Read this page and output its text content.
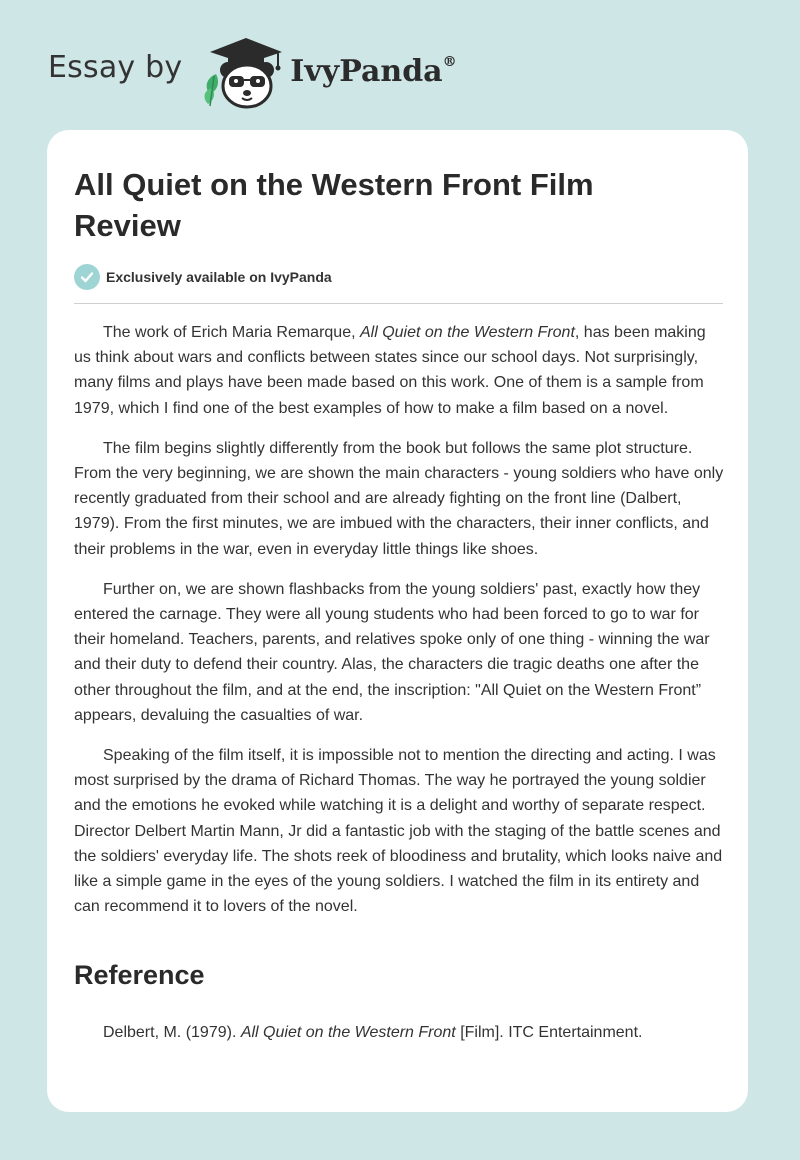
Essay by	IvyPanda®
All Quiet on the Western Front Film Review
Exclusively available on IvyPanda

The work of Erich Maria Remarque, All Quiet on the Western Front, has been making us think about wars and conflicts between states since our school days. Not surprisingly, many films and plays have been made based on this work. One of them is a sample from 1979, which I find one of the best examples of how to make a film based on a novel.

The film begins slightly differently from the book but follows the same plot structure. From the very beginning, we are shown the main characters - young soldiers who have only recently graduated from their school and are already fighting on the front line (Dalbert, 1979). From the first minutes, we are imbued with the characters, their inner conflicts, and their problems in the war, even in everyday little things like shoes.

Further on, we are shown flashbacks from the young soldiers' past, exactly how they entered the carnage. They were all young students who had been forced to go to war for their homeland. Teachers, parents, and relatives spoke only of one thing - winning the war and their duty to defend their country. Alas, the characters die tragic deaths one after the other throughout the film, and at the end, the inscription: "All Quiet on the Western Front” appears, devaluing the casualties of war.

Speaking of the film itself, it is impossible not to mention the directing and acting. I was most surprised by the drama of Richard Thomas. The way he portrayed the young soldier and the emotions he evoked while watching it is a delight and worthy of separate respect. Director Delbert Martin Mann, Jr did a fantastic job with the staging of the battle scenes and the soldiers' everyday life. The shots reek of bloodiness and brutality, which looks naive and like a simple game in the eyes of the young soldiers. I watched the film in its entirety and can recommend it to lovers of the novel.

Reference

Delbert, M. (1979). All Quiet on the Western Front [Film]. ITC Entertainment.
